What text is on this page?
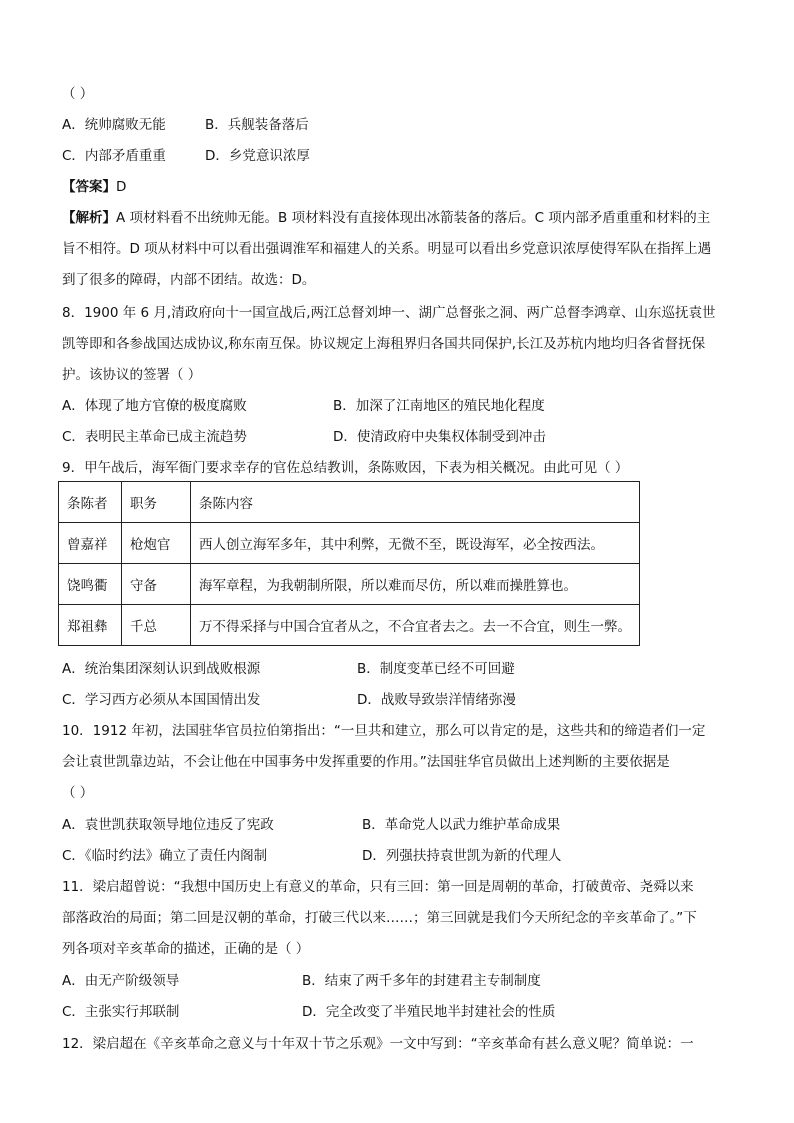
（ ）
A．统帅腐败无能	B．兵舰装备落后
C．内部矛盾重重	D．乡党意识浓厚
【答案】D
【解析】A 项材料看不出统帅无能。B 项材料没有直接体现出冰箭装备的落后。C 项内部矛盾重重和材料的主
旨不相符。D 项从材料中可以看出强调淮军和福建人的关系。明显可以看出乡党意识浓厚使得军队在指挥上遇
到了很多的障碍，内部不团结。故选：D。
8．1900 年 6 月,清政府向十一国宣战后,两江总督刘坤一、湖广总督张之洞、两广总督李鸿章、山东巡抚袁世
凯等即和各参战国达成协议,称东南互保。协议规定上海租界归各国共同保护,长江及苏杭内地均归各省督抚保
护。该协议的签署（ ）
A．体现了地方官僚的极度腐败	B．加深了江南地区的殖民地化程度
C．表明民主革命已成主流趋势	D．使清政府中央集权体制受到冲击
9．甲午战后，海军衙门要求幸存的官佐总结教训，条陈败因，下表为相关概况。由此可见（ ）
条陈者	职务	条陈内容
曾嘉祥	枪炮官	西人创立海军多年，其中利弊，无微不至，既设海军，必全按西法。
饶鸣衢	守备	海军章程，为我朝制所限，所以难而尽仿，所以难而操胜算也。
郑祖彝	千总	万不得采择与中国合宜者从之，不合宜者去之。去一不合宜，则生一弊。
A．统治集团深刻认识到战败根源	B．制度变革已经不可回避
C．学习西方必须从本国国情出发	D．战败导致崇洋情绪弥漫
10．1912 年初，法国驻华官员拉伯第指出：“一旦共和建立，那么可以肯定的是，这些共和的缔造者们一定
会让袁世凯靠边站，不会让他在中国事务中发挥重要的作用。”法国驻华官员做出上述判断的主要依据是
（ ）
A．袁世凯获取领导地位违反了宪政	B．革命党人以武力维护革命成果
C．《临时约法》确立了责任内阁制	D．列强扶持袁世凯为新的代理人
11．梁启超曾说：“我想中国历史上有意义的革命，只有三回：第一回是周朝的革命，打破黄帝、尧舜以来
部落政治的局面；第二回是汉朝的革命，打破三代以来……；第三回就是我们今天所纪念的辛亥革命了。”下
列各项对辛亥革命的描述，正确的是（ ）
A．由无产阶级领导	B．结束了两千多年的封建君主专制制度
C．主张实行邦联制	D．完全改变了半殖民地半封建社会的性质
12．梁启超在《辛亥革命之意义与十年双十节之乐观》一文中写到：“辛亥革命有甚么意义呢？简单说：一
